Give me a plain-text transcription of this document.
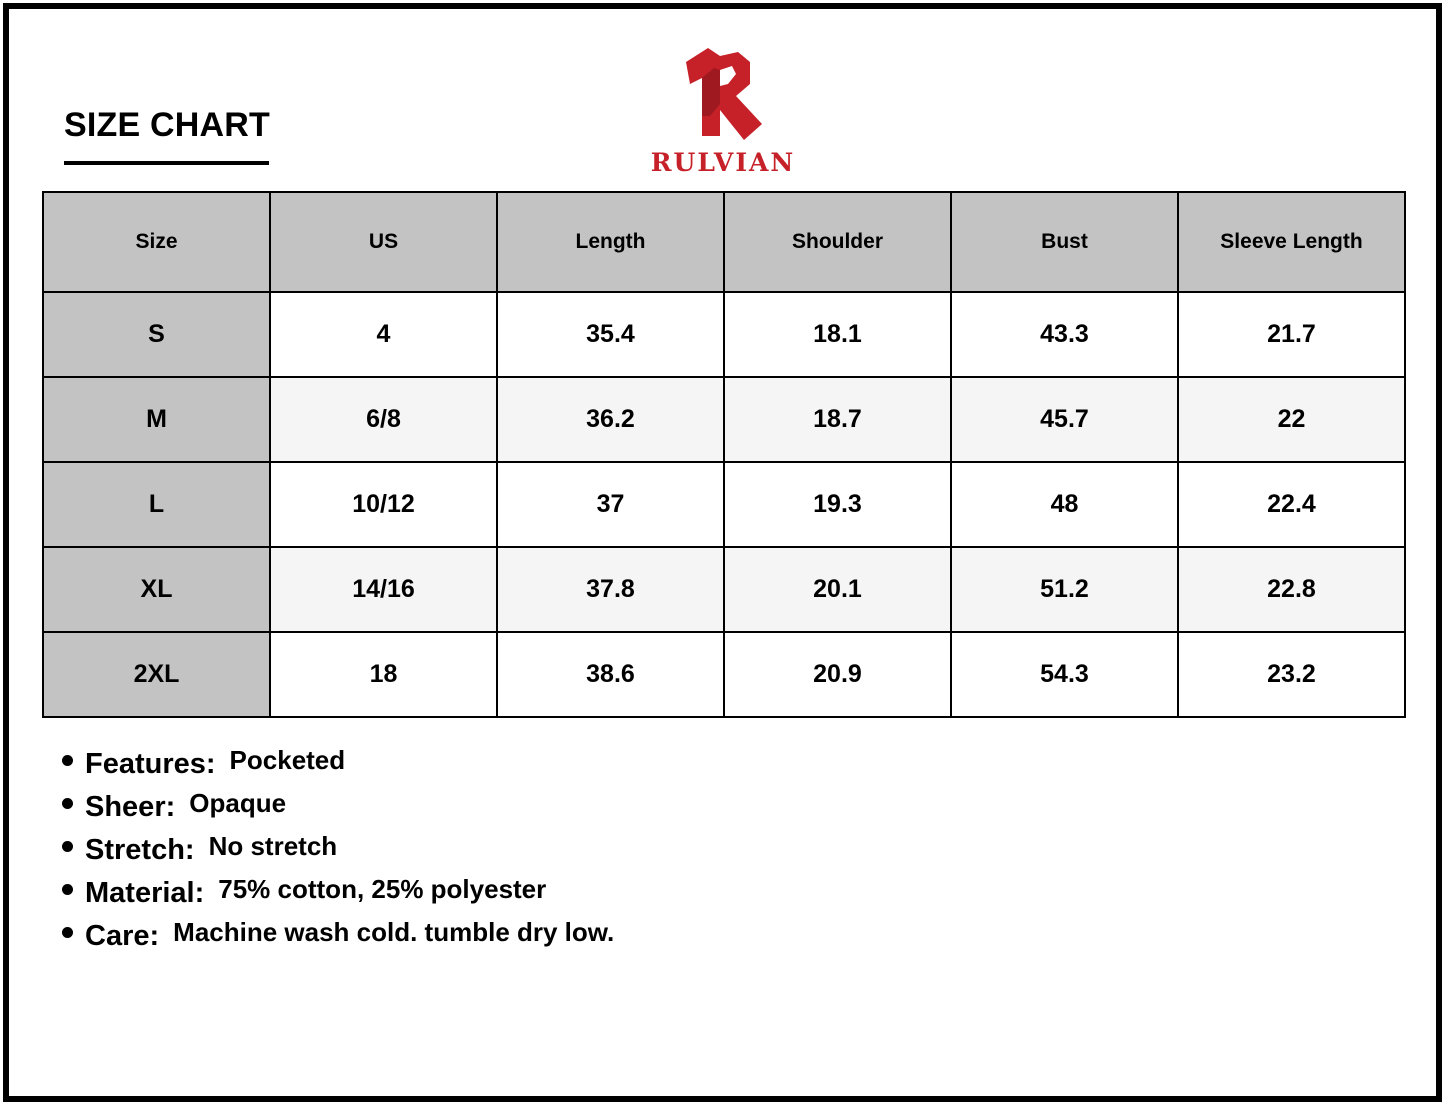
SIZE CHART
RULVIAN
Size	US	Length	Shoulder	Bust	Sleeve Length
S	4	35.4	18.1	43.3	21.7
M	6/8	36.2	18.7	45.7	22
L	10/12	37	19.3	48	22.4
XL	14/16	37.8	20.1	51.2	22.8
2XL	18	38.6	20.9	54.3	23.2
Features: Pocketed
Sheer: Opaque
Stretch: No stretch
Material: 75% cotton, 25% polyester
Care: Machine wash cold. tumble dry low.
